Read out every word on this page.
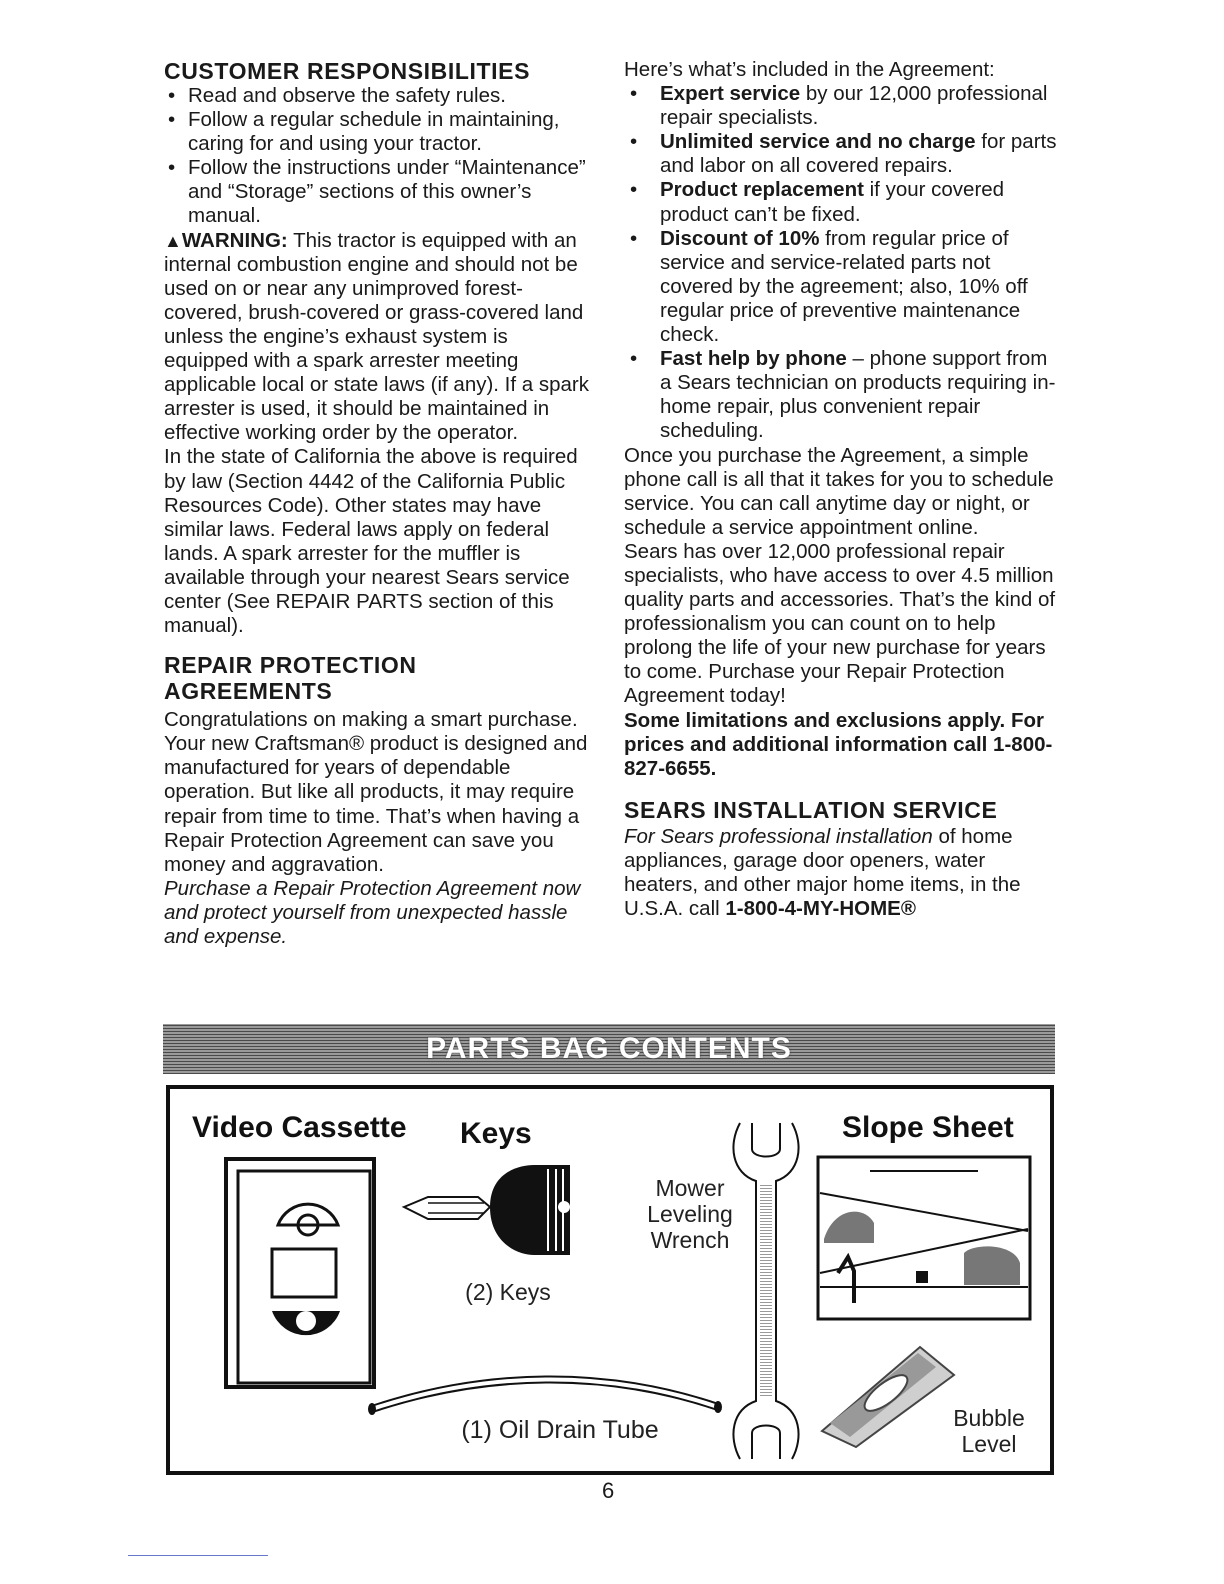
CUSTOMER RESPONSIBILITIES
• Read and observe the safety rules.
• Follow a regular schedule in maintaining, caring for and using your tractor.
• Follow the instructions under “Maintenance” and “Storage” sections of this owner’s manual.

▲WARNING: This tractor is equipped with an internal combustion engine and should not be used on or near any unimproved forest-covered, brush-covered or grass-covered land unless the engine’s exhaust system is equipped with a spark arrester meeting applicable local or state laws (if any). If a spark arrester is used, it should be maintained in effective working order by the operator.

In the state of California the above is required by law (Section 4442 of the California Public Resources Code). Other states may have similar laws. Federal laws apply on federal lands. A spark arrester for the muffler is available through your nearest Sears service center (See REPAIR PARTS section of this manual).

REPAIR PROTECTION
AGREEMENTS

Congratulations on making a smart purchase. Your new Craftsman® product is designed and manufactured for years of dependable operation. But like all products, it may require repair from time to time. That’s when having a Repair Protection Agreement can save you money and aggravation.

Purchase a Repair Protection Agreement now and protect yourself from unexpected hassle and expense.

Here’s what’s included in the Agreement:

• Expert service by our 12,000 professional repair specialists.
• Unlimited service and no charge for parts and labor on all covered repairs.
• Product replacement if your covered product can’t be fixed.
• Discount of 10% from regular price of service and service-related parts not covered by the agreement; also, 10% off regular price of preventive maintenance check.
• Fast help by phone – phone support from a Sears technician on products requiring in-home repair, plus convenient repair scheduling.

Once you purchase the Agreement, a simple phone call is all that it takes for you to schedule service. You can call anytime day or night, or schedule a service appointment online.

Sears has over 12,000 professional repair specialists, who have access to over 4.5 million quality parts and accessories. That’s the kind of professionalism you can count on to help prolong the life of your new purchase for years to come. Purchase your Repair Protection Agreement today!

Some limitations and exclusions apply. For prices and additional information call 1-800-827-6655.

SEARS INSTALLATION SERVICE

For Sears professional installation of home appliances, garage door openers, water heaters, and other major home items, in the U.S.A. call 1-800-4-MY-HOME®

PARTS BAG CONTENTS
Video Cassette Keys	Slope Sheet
(2) Keys
Mower
Leveling
Wrench
(1) Oil Drain Tube	Bubble
Level
6
